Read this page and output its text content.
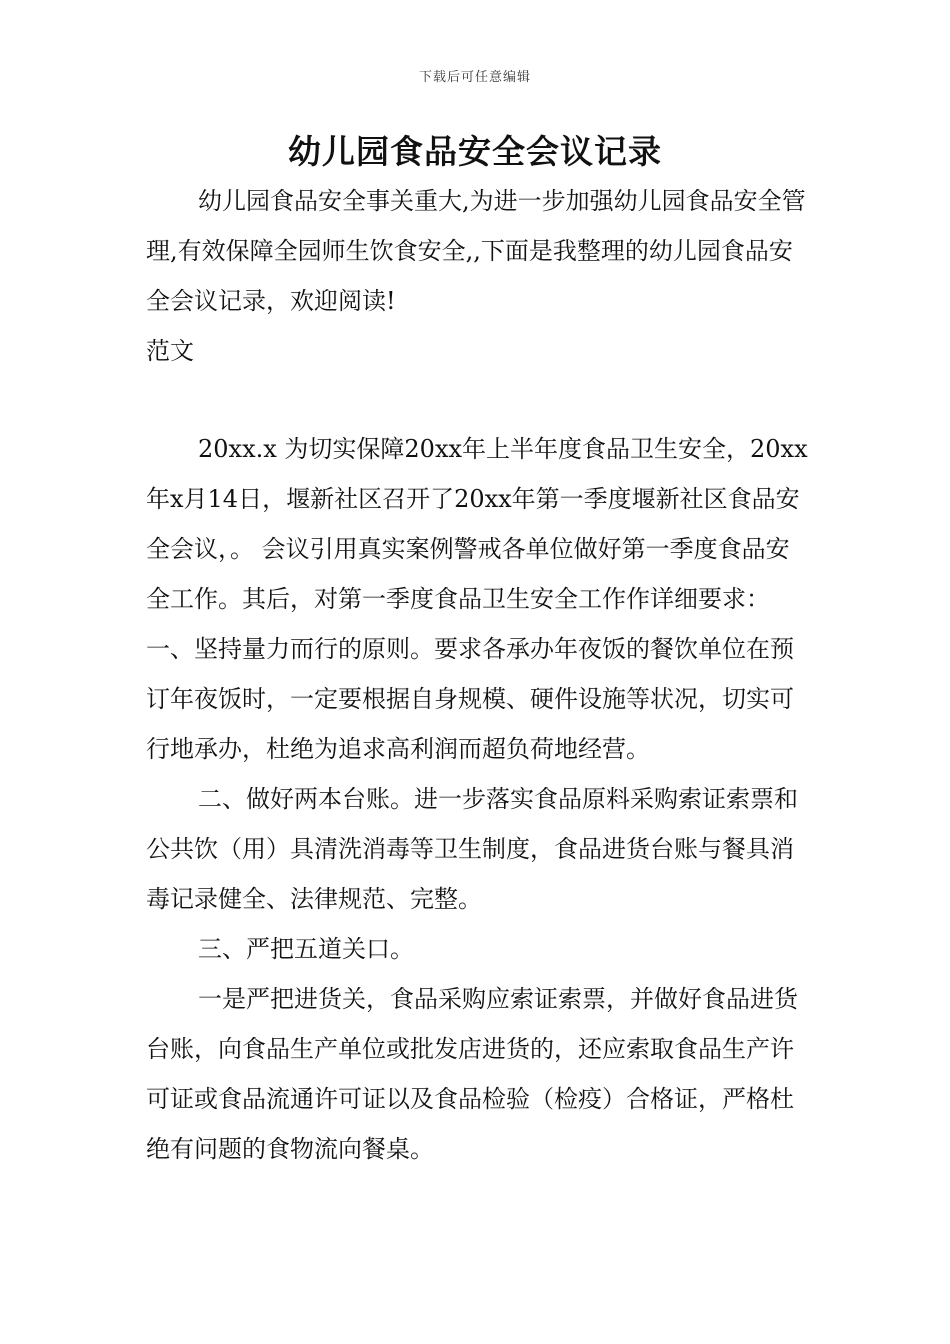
下载后可任意编辑
幼儿园食品安全会议记录

幼儿园食品安全事关重大,为进一步加强幼儿园食品安全管理,有效保障全园师生饮食安全,,下面是我整理的幼儿园食品安全会议记录，欢迎阅读!

范文

20xx.x 为切实保障20xx年上半年度食品卫生安全，20xx年x月14日，堰新社区召开了20xx年第一季度堰新社区食品安全会议，。 会议引用真实案例警戒各单位做好第一季度食品安全工作。其后，对第一季度食品卫生安全工作作详细要求：一、坚持量力而行的原则。要求各承办年夜饭的餐饮单位在预订年夜饭时，一定要根据自身规模、硬件设施等状况，切实可行地承办，杜绝为追求高利润而超负荷地经营。

二、做好两本台账。进一步落实食品原料采购索证索票和公共饮（用）具清洗消毒等卫生制度，食品进货台账与餐具消毒记录健全、法律规范、完整。

三、严把五道关口。

一是严把进货关，食品采购应索证索票，并做好食品进货台账，向食品生产单位或批发店进货的，还应索取食品生产许可证或食品流通许可证以及食品检验（检疫）合格证，严格杜绝有问题的食物流向餐桌。
